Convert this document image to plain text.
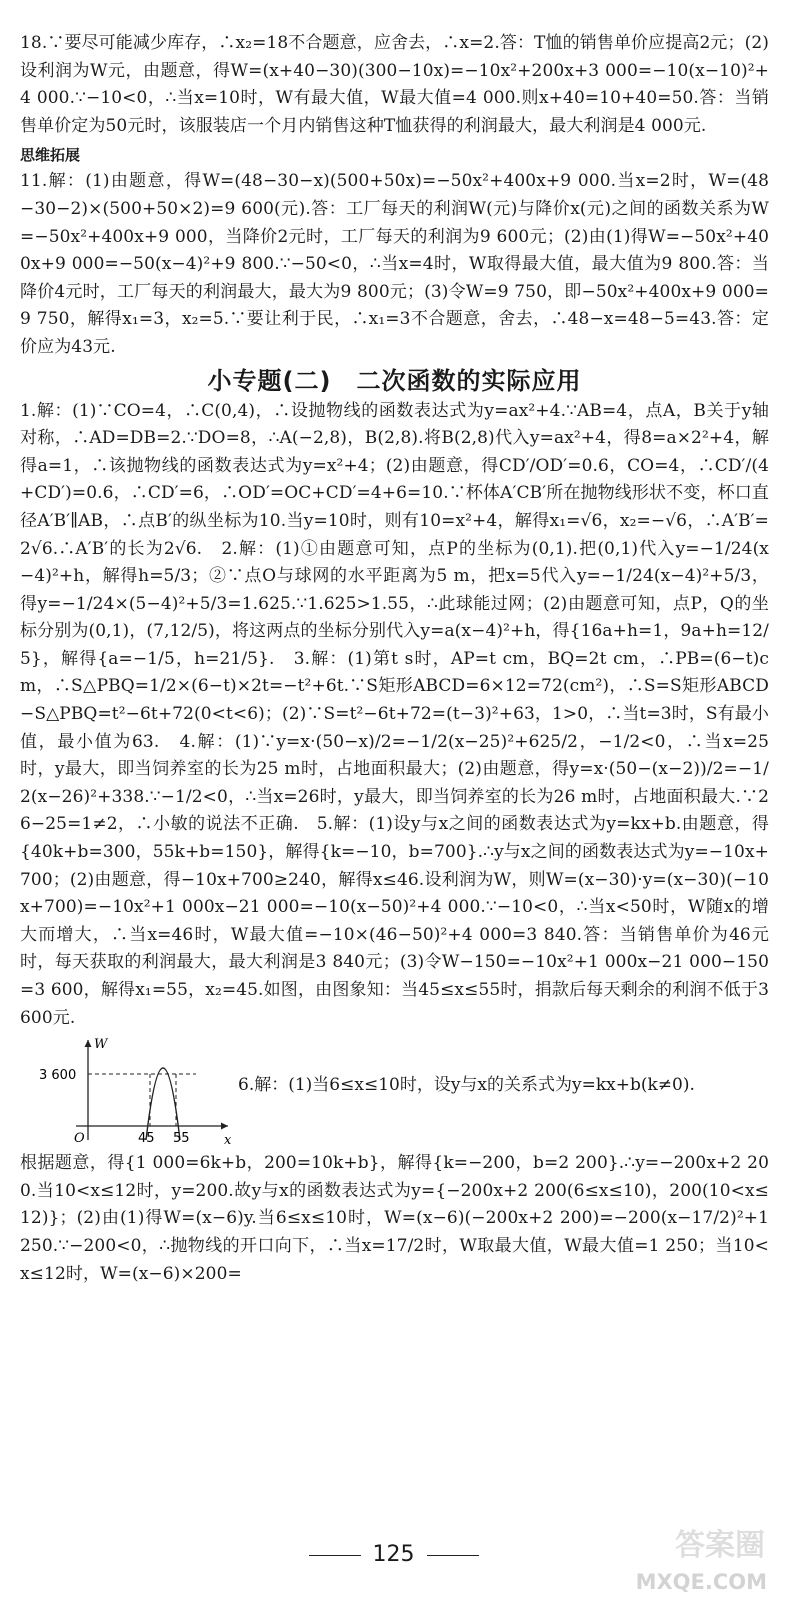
18.∵要尽可能减少库存，∴x₂=18不合题意，应舍去，∴x=2.答：T恤的销售单价应提高2元；(2)设利润为W元，由题意，得W=(x+40−30)(300−10x)=−10x²+200x+3 000=−10(x−10)²+4 000.∵−10<0，∴当x=10时，W有最大值，W最大值=4 000.则x+40=10+40=50.答：当销售单价定为50元时，该服装店一个月内销售这种T恤获得的利润最大，最大利润是4 000元.

思维拓展

11.解：(1)由题意，得W=(48−30−x)(500+50x)=−50x²+400x+9 000.当x=2时，W=(48−30−2)×(500+50×2)=9 600(元).答：工厂每天的利润W(元)与降价x(元)之间的函数关系为W=−50x²+400x+9 000，当降价2元时，工厂每天的利润为9 600元；(2)由(1)得W=−50x²+400x+9 000=−50(x−4)²+9 800.∵−50<0，∴当x=4时，W取得最大值，最大值为9 800.答：当降价4元时，工厂每天的利润最大，最大为9 800元；(3)令W=9 750，即−50x²+400x+9 000=9 750，解得x₁=3，x₂=5.∵要让利于民，∴x₁=3不合题意，舍去，∴48−x=48−5=43.答：定价应为43元.

小专题(二)　二次函数的实际应用

1.解：(1)∵CO=4，∴C(0,4)，∴设抛物线的函数表达式为y=ax²+4.∵AB=4，点A，B关于y轴对称，∴AD=DB=2.∵DO=8，∴A(−2,8)，B(2,8).将B(2,8)代入y=ax²+4，得8=a×2²+4，解得a=1，∴该抛物线的函数表达式为y=x²+4；(2)由题意，得CD′/OD′=0.6，CO=4，∴CD′/(4+CD′)=0.6，∴CD′=6，∴OD′=OC+CD′=4+6=10.∵杯体A′CB′所在抛物线形状不变，杯口直径A′B′∥AB，∴点B′的纵坐标为10.当y=10时，则有10=x²+4，解得x₁=√6，x₂=−√6，∴A′B′=2√6.∴A′B′的长为2√6.　2.解：(1)①由题意可知，点P的坐标为(0,1).把(0,1)代入y=−1/24(x−4)²+h，解得h=5/3；②∵点O与球网的水平距离为5 m，把x=5代入y=−1/24(x−4)²+5/3，得y=−1/24×(5−4)²+5/3=1.625.∵1.625>1.55，∴此球能过网；(2)由题意可知，点P，Q的坐标分别为(0,1)，(7,12/5)，将这两点的坐标分别代入y=a(x−4)²+h，得{16a+h=1，9a+h=12/5}，解得{a=−1/5，h=21/5}.　3.解：(1)第t s时，AP=t cm，BQ=2t cm，∴PB=(6−t)cm，∴S△PBQ=1/2×(6−t)×2t=−t²+6t.∵S矩形ABCD=6×12=72(cm²)，∴S=S矩形ABCD−S△PBQ=t²−6t+72(0<t<6)；(2)∵S=t²−6t+72=(t−3)²+63，1>0，∴当t=3时，S有最小值，最小值为63.　4.解：(1)∵y=x·(50−x)/2=−1/2(x−25)²+625/2，−1/2<0，∴当x=25时，y最大，即当饲养室的长为25 m时，占地面积最大；(2)由题意，得y=x·(50−(x−2))/2=−1/2(x−26)²+338.∵−1/2<0，∴当x=26时，y最大，即当饲养室的长为26 m时，占地面积最大.∵26−25=1≠2，∴小敏的说法不正确.　5.解：(1)设y与x之间的函数表达式为y=kx+b.由题意，得{40k+b=300，55k+b=150}，解得{k=−10，b=700}.∴y与x之间的函数表达式为y=−10x+700；(2)由题意，得−10x+700≥240，解得x≤46.设利润为W，则W=(x−30)·y=(x−30)(−10x+700)=−10x²+1 000x−21 000=−10(x−50)²+4 000.∵−10<0，∴当x<50时，W随x的增大而增大，∴当x=46时，W最大值=−10×(46−50)²+4 000=3 840.答：当销售单价为46元时，每天获取的利润最大，最大利润是3 840元；(3)令W−150=−10x²+1 000x−21 000−150=3 600，解得x₁=55，x₂=45.如图，由图象知：当45≤x≤55时，捐款后每天剩余的利润不低于3 600元.

W
x
O
3 600
45 55
6.解：(1)当6≤x≤10时，设y与x的关系式为y=kx+b(k≠0).

根据题意，得{1 000=6k+b，200=10k+b}，解得{k=−200，b=2 200}.∴y=−200x+2 200.当10<x≤12时，y=200.故y与x的函数表达式为y={−200x+2 200(6≤x≤10)，200(10<x≤12)}；(2)由(1)得W=(x−6)y.当6≤x≤10时，W=(x−6)(−200x+2 200)=−200(x−17/2)²+1 250.∵−200<0，∴抛物线的开口向下，∴当x=17/2时，W取最大值，W最大值=1 250；当10<x≤12时，W=(x−6)×200=

125	答案圈
MXQE.COM
